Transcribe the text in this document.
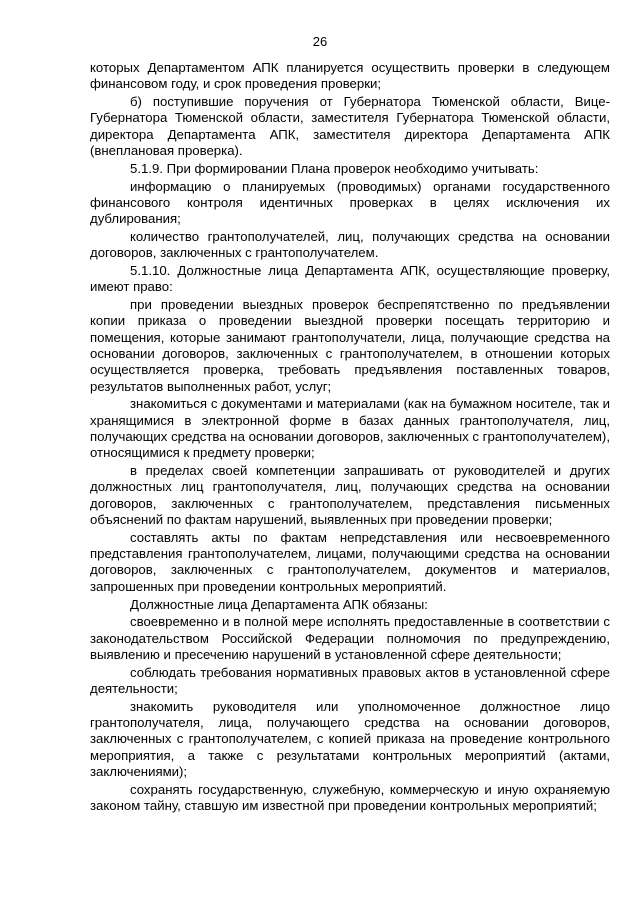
26

которых Департаментом АПК планируется осуществить проверки в следующем финансовом году, и срок проведения проверки;

б) поступившие поручения от Губернатора Тюменской области, Вице-Губернатора Тюменской области, заместителя Губернатора Тюменской области, директора Департамента АПК, заместителя директора Департамента АПК (внеплановая проверка).

5.1.9. При формировании Плана проверок необходимо учитывать:

информацию о планируемых (проводимых) органами государственного финансового контроля идентичных проверках в целях исключения их дублирования;

количество грантополучателей, лиц, получающих средства на основании договоров, заключенных с грантополучателем.

5.1.10. Должностные лица Департамента АПК, осуществляющие проверку, имеют право:

при проведении выездных проверок беспрепятственно по предъявлении копии приказа о проведении выездной проверки посещать территорию и помещения, которые занимают грантополучатели, лица, получающие средства на основании договоров, заключенных с грантополучателем, в отношении которых осуществляется проверка, требовать предъявления поставленных товаров, результатов выполненных работ, услуг;

знакомиться с документами и материалами (как на бумажном носителе, так и хранящимися в электронной форме в базах данных грантополучателя, лиц, получающих средства на основании договоров, заключенных с грантополучателем), относящимися к предмету проверки;

в пределах своей компетенции запрашивать от руководителей и других должностных лиц грантополучателя, лиц, получающих средства на основании договоров, заключенных с грантополучателем, представления письменных объяснений по фактам нарушений, выявленных при проведении проверки;

составлять акты по фактам непредставления или несвоевременного представления грантополучателем, лицами, получающими средства на основании договоров, заключенных с грантополучателем, документов и материалов, запрошенных при проведении контрольных мероприятий.

Должностные лица Департамента АПК обязаны:

своевременно и в полной мере исполнять предоставленные в соответствии с законодательством Российской Федерации полномочия по предупреждению, выявлению и пресечению нарушений в установленной сфере деятельности;

соблюдать требования нормативных правовых актов в установленной сфере деятельности;

знакомить руководителя или уполномоченное должностное лицо грантополучателя, лица, получающего средства на основании договоров, заключенных с грантополучателем, с копией приказа на проведение контрольного мероприятия, а также с результатами контрольных мероприятий (актами, заключениями);

сохранять государственную, служебную, коммерческую и иную охраняемую законом тайну, ставшую им известной при проведении контрольных мероприятий;
